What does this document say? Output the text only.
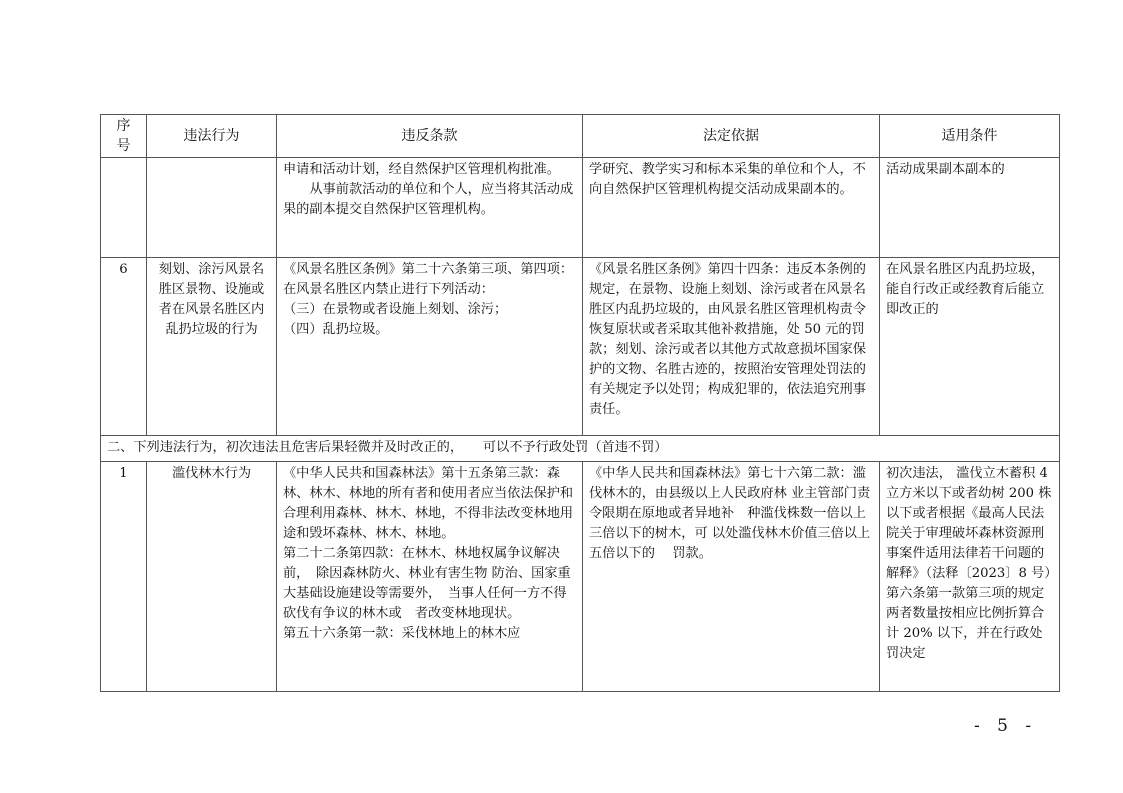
序号	违法行为	违反条款	法定依据	适用条件

		申请和活动计划，经自然保护区管理机构批准。
从事前款活动的单位和个人，应当将其活动成果的副本提交自然保护区管理机构。	学研究、教学实习和标本采集的单位和个人，不向自然保护区管理机构提交活动成果副本的。	活动成果副本副本的
6	刻划、涂污风景名胜区景物、设施或者在风景名胜区内乱扔垃圾的行为	《风景名胜区条例》第二十六条第三项、第四项：在风景名胜区内禁止进行下列活动：
（三）在景物或者设施上刻划、涂污；
（四）乱扔垃圾。	《风景名胜区条例》第四十四条：违反本条例的规定，在景物、设施上刻划、涂污或者在风景名胜区内乱扔垃圾的，由风景名胜区管理机构责令恢复原状或者采取其他补救措施，处 50 元的罚款；刻划、涂污或者以其他方式故意损坏国家保护的文物、名胜古迹的，按照治安管理处罚法的有关规定予以处罚；构成犯罪的，依法追究刑事责任。	在风景名胜区内乱扔垃圾，能自行改正或经教育后能立即改正的
二、下列违法行为，初次违法且危害后果轻微并及时改正的，　　可以不予行政处罚（首违不罚）				
1	滥伐林木行为	《中华人民共和国森林法》第十五条第三款：森林、林木、林地的所有者和使用者应当依法保护和合理利用森林、林木、林地，不得非法改变林地用途和毁坏森林、林木、林地。
第二十二条第四款：在林木、林地权属争议解决前，　除因森林防火、林业有害生物 防治、国家重大基础设施建设等需要外，　当事人任何一方不得砍伐有争议的林木或　者改变林地现状。
第五十六条第一款：采伐林地上的林木应	《中华人民共和国森林法》第七十六第二款：滥伐林木的，由县级以上人民政府林 业主管部门责令限期在原地或者异地补　种滥伐株数一倍以上三倍以下的树木，可 以处滥伐林木价值三倍以上五倍以下的　 罚款。	初次违法， 滥伐立木蓄积 4 立方米以下或者幼树 200 株以下或者根据《最高人民法院关于审理破坏森林资源刑事案件适用法律若干问题的解释》（法释〔2023〕8 号）第六条第一款第三项的规定两者数量按相应比例折算合计 20% 以下，并在行政处罚决定
- 5 -
